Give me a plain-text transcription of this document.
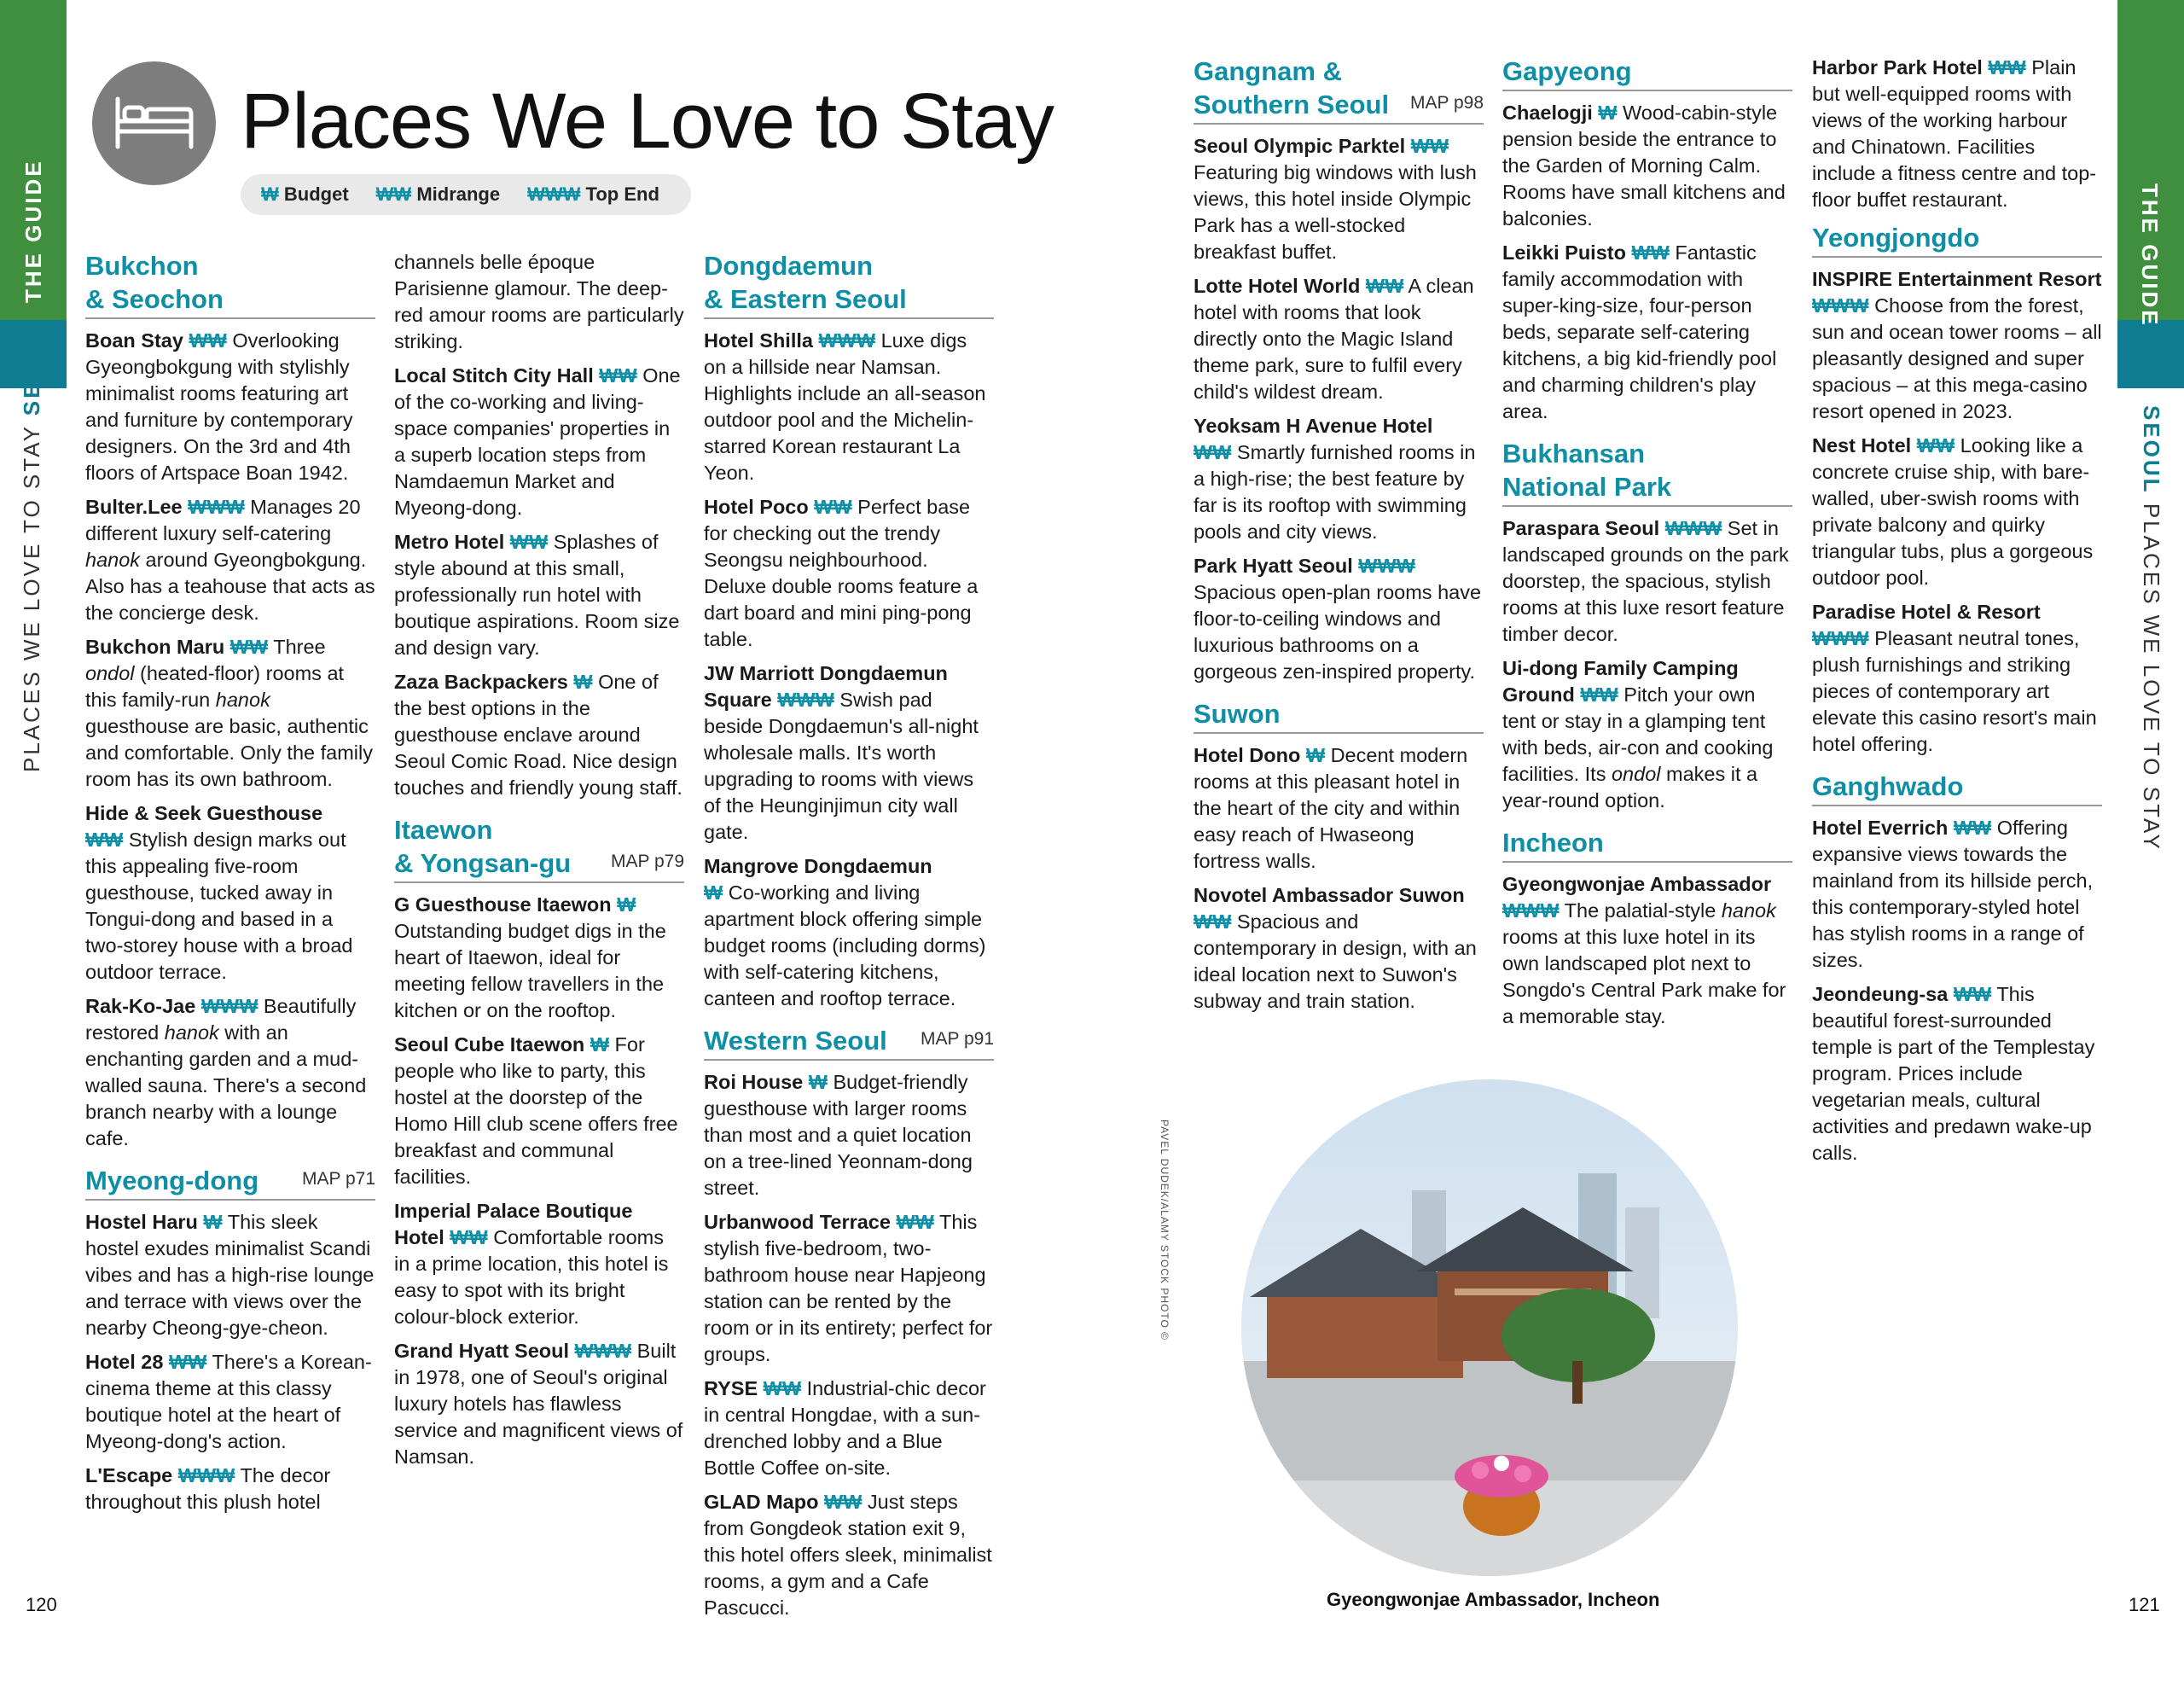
THE GUIDE
PLACES WE LOVE TO STAY SEOUL
THE GUIDE
SEOUL PLACES WE LOVE TO STAY
Places We Love to Stay
₩ Budget ₩₩ Midrange ₩₩₩ Top End
Bukchon
& Seochon

Boan Stay ₩₩ Overlooking Gyeongbokgung with stylishly minimalist rooms featuring art and furniture by contemporary designers. On the 3rd and 4th floors of Artspace Boan 1942.

Bulter.Lee ₩₩₩ Manages 20 different luxury self-catering hanok around Gyeongbokgung. Also has a teahouse that acts as the concierge desk.

Bukchon Maru ₩₩ Three ondol (heated-floor) rooms at this family-run hanok guesthouse are basic, authentic and comfortable. Only the family room has its own bathroom.

Hide & Seek Guesthouse
₩₩ Stylish design marks out this appealing five-room guesthouse, tucked away in Tongui-dong and based in a two-storey house with a broad outdoor terrace.

Rak-Ko-Jae ₩₩₩ Beautifully restored hanok with an enchanting garden and a mud-walled sauna. There's a second branch nearby with a lounge cafe.

Myeong-dong MAP p71

Hostel Haru ₩ This sleek hostel exudes minimalist Scandi vibes and has a high-rise lounge and terrace with views over the nearby Cheong-gye-cheon.

Hotel 28 ₩₩ There's a Korean-cinema theme at this classy boutique hotel at the heart of Myeong-dong's action.

L'Escape ₩₩₩ The decor throughout this plush hotel

channels belle époque Parisienne glamour. The deep-red amour rooms are particularly striking.

Local Stitch City Hall ₩₩ One of the co-working and living-space companies' properties in a superb location steps from Namdaemun Market and Myeong-dong.

Metro Hotel ₩₩ Splashes of style abound at this small, professionally run hotel with boutique aspirations. Room size and design vary.

Zaza Backpackers ₩ One of the best options in the guesthouse enclave around Seoul Comic Road. Nice design touches and friendly young staff.

Itaewon
& Yongsan-gu MAP p79

G Guesthouse Itaewon ₩ Outstanding budget digs in the heart of Itaewon, ideal for meeting fellow travellers in the kitchen or on the rooftop.

Seoul Cube Itaewon ₩ For people who like to party, this hostel at the doorstep of the Homo Hill club scene offers free breakfast and communal facilities.

Imperial Palace Boutique Hotel ₩₩ Comfortable rooms in a prime location, this hotel is easy to spot with its bright colour-block exterior.

Grand Hyatt Seoul ₩₩₩ Built in 1978, one of Seoul's original luxury hotels has flawless service and magnificent views of Namsan.

Dongdaemun
& Eastern Seoul

Hotel Shilla ₩₩₩ Luxe digs on a hillside near Namsan. Highlights include an all-season outdoor pool and the Michelin-starred Korean restaurant La Yeon.

Hotel Poco ₩₩ Perfect base for checking out the trendy Seongsu neighbourhood. Deluxe double rooms feature a dart board and mini ping-pong table.

JW Marriott Dongdaemun Square ₩₩₩ Swish pad beside Dongdaemun's all-night wholesale malls. It's worth upgrading to rooms with views of the Heunginjimun city wall gate.

Mangrove Dongdaemun
₩ Co-working and living apartment block offering simple budget rooms (including dorms) with self-catering kitchens, canteen and rooftop terrace.

Western Seoul MAP p91

Roi House ₩ Budget-friendly guesthouse with larger rooms than most and a quiet location on a tree-lined Yeonnam-dong street.

Urbanwood Terrace ₩₩ This stylish five-bedroom, two-bathroom house near Hapjeong station can be rented by the room or in its entirety; perfect for groups.

RYSE ₩₩ Industrial-chic decor in central Hongdae, with a sun-drenched lobby and a Blue Bottle Coffee on-site.

GLAD Mapo ₩₩ Just steps from Gongdeok station exit 9, this hotel offers sleek, minimalist rooms, a gym and a Cafe Pascucci.

Gangnam &
Southern Seoul MAP p98

Seoul Olympic Parktel ₩₩ Featuring big windows with lush views, this hotel inside Olympic Park has a well-stocked breakfast buffet.

Lotte Hotel World ₩₩ A clean hotel with rooms that look directly onto the Magic Island theme park, sure to fulfil every child's wildest dream.

Yeoksam H Avenue Hotel
₩₩ Smartly furnished rooms in a high-rise; the best feature by far is its rooftop with swimming pools and city views.

Park Hyatt Seoul ₩₩₩ Spacious open-plan rooms have floor-to-ceiling windows and luxurious bathrooms on a gorgeous zen-inspired property.

Suwon

Hotel Dono ₩ Decent modern rooms at this pleasant hotel in the heart of the city and within easy reach of Hwaseong fortress walls.

Novotel Ambassador Suwon ₩₩ Spacious and contemporary in design, with an ideal location next to Suwon's subway and train station.

Gapyeong

Chaelogji ₩ Wood-cabin-style pension beside the entrance to the Garden of Morning Calm. Rooms have small kitchens and balconies.

Leikki Puisto ₩₩ Fantastic family accommodation with super-king-size, four-person beds, separate self-catering kitchens, a big kid-friendly pool and charming children's play area.

Bukhansan
National Park

Paraspara Seoul ₩₩₩ Set in landscaped grounds on the park doorstep, the spacious, stylish rooms at this luxe resort feature timber decor.

Ui-dong Family Camping Ground ₩₩ Pitch your own tent or stay in a glamping tent with beds, air-con and cooking facilities. Its ondol makes it a year-round option.

Incheon

Gyeongwonjae Ambassador
₩₩₩ The palatial-style hanok rooms at this luxe hotel in its own landscaped plot next to Songdo's Central Park make for a memorable stay.

Harbor Park Hotel ₩₩ Plain but well-equipped rooms with views of the working harbour and Chinatown. Facilities include a fitness centre and top-floor buffet restaurant.

Yeongjongdo

INSPIRE Entertainment Resort ₩₩₩ Choose from the forest, sun and ocean tower rooms – all pleasantly designed and super spacious – at this mega-casino resort opened in 2023.

Nest Hotel ₩₩ Looking like a concrete cruise ship, with bare-walled, uber-swish rooms with private balcony and quirky triangular tubs, plus a gorgeous outdoor pool.

Paradise Hotel & Resort
₩₩₩ Pleasant neutral tones, plush furnishings and striking pieces of contemporary art elevate this casino resort's main hotel offering.

Ganghwado

Hotel Everrich ₩₩ Offering expansive views towards the mainland from its hillside perch, this contemporary-styled hotel has stylish rooms in a range of sizes.

Jeondeung-sa ₩₩ This beautiful forest-surrounded temple is part of the Templestay program. Prices include vegetarian meals, cultural activities and predawn wake-up calls.

PAVEL DUDEK/ALAMY STOCK PHOTO ©
Gyeongwonjae Ambassador, Incheon
120	121
